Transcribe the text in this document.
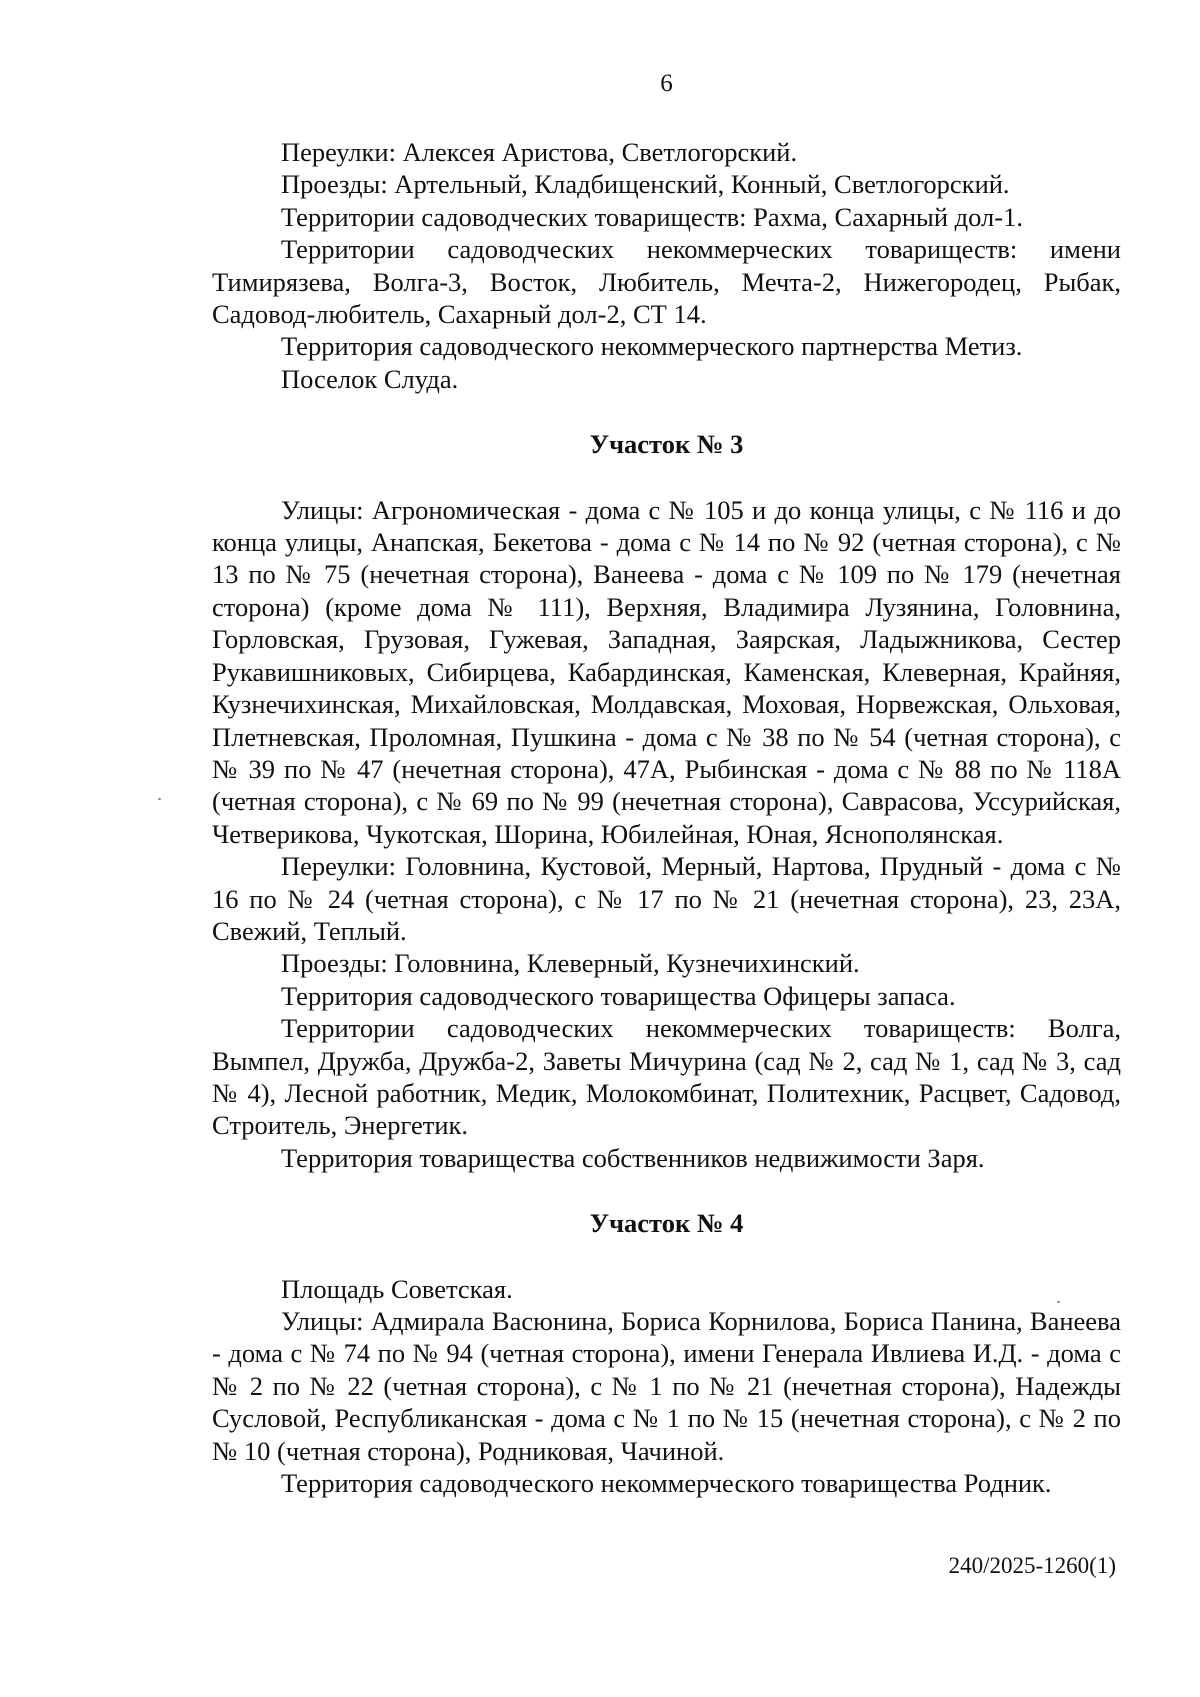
6

Переулки: Алексея Аристова, Светлогорский.

Проезды: Артельный, Кладбищенский, Конный, Светлогорский.

Территории садоводческих товариществ: Рахма, Сахарный дол-1.

Территории садоводческих некоммерческих товариществ: имени Тимирязева, Волга-3, Восток, Любитель, Мечта-2, Нижегородец, Рыбак, Садовод-любитель, Сахарный дол-2, СТ 14.

Территория садоводческого некоммерческого партнерства Метиз.

Поселок Слуда.

Участок № 3

Улицы: Агрономическая - дома с № 105 и до конца улицы, с № 116 и до конца улицы, Анапская, Бекетова - дома с № 14 по № 92 (четная сторона), с № 13 по № 75 (нечетная сторона), Ванеева - дома с № 109 по № 179 (нечетная сторона) (кроме дома № 111), Верхняя, Владимира Лузянина, Головнина, Горловская, Грузовая, Гужевая, Западная, Заярская, Ладыжникова, Сестер Рукавишниковых, Сибирцева, Кабардинская, Каменская, Клеверная, Крайняя, Кузнечихинская, Михайловская, Молдавская, Моховая, Норвежская, Ольховая, Плетневская, Проломная, Пушкина - дома с № 38 по № 54 (четная сторона), с № 39 по № 47 (нечетная сторона), 47А, Рыбинская - дома с № 88 по № 118А (четная сторона), с № 69 по № 99 (нечетная сторона), Саврасова, Уссурийская, Четверикова, Чукотская, Шорина, Юбилейная, Юная, Яснополянская.

Переулки: Головнина, Кустовой, Мерный, Нартова, Прудный - дома с № 16 по № 24 (четная сторона), с № 17 по № 21 (нечетная сторона), 23, 23А, Свежий, Теплый.

Проезды: Головнина, Клеверный, Кузнечихинский.

Территория садоводческого товарищества Офицеры запаса.

Территории садоводческих некоммерческих товариществ: Волга, Вымпел, Дружба, Дружба-2, Заветы Мичурина (сад № 2, сад № 1, сад № 3, сад № 4), Лесной работник, Медик, Молокомбинат, Политехник, Расцвет, Садовод, Строитель, Энергетик.

Территория товарищества собственников недвижимости Заря.

Участок № 4

Площадь Советская.

Улицы: Адмирала Васюнина, Бориса Корнилова, Бориса Панина, Ванеева - дома с № 74 по № 94 (четная сторона), имени Генерала Ивлиева И.Д. - дома с № 2 по № 22 (четная сторона), с № 1 по № 21 (нечетная сторона), Надежды Сусловой, Республиканская - дома с № 1 по № 15 (нечетная сторона), с № 2 по № 10 (четная сторона), Родниковая, Чачиной.

Территория садоводческого некоммерческого товарищества Родник.

240/2025-1260(1)
